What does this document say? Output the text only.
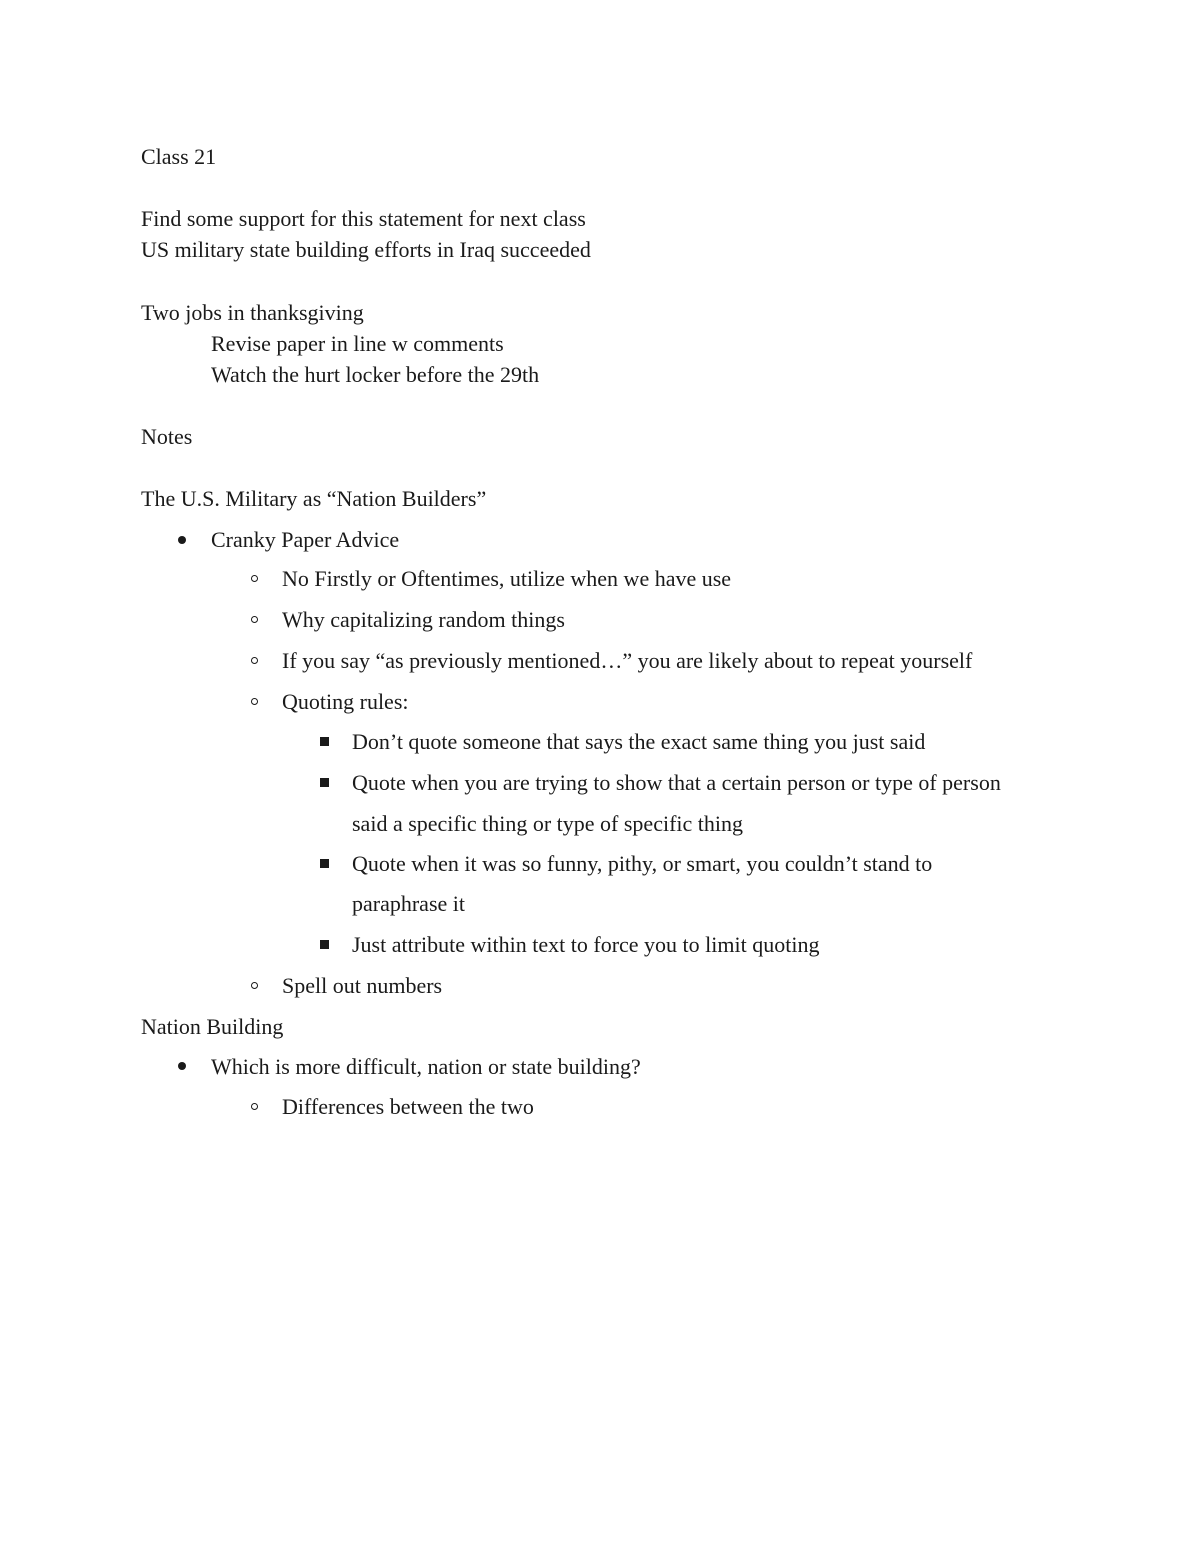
Class 21
Find some support for this statement for next class
US military state building efforts in Iraq succeeded
Two jobs in thanksgiving
Revise paper in line w comments
Watch the hurt locker before the 29th
Notes
The U.S. Military as “Nation Builders”
Cranky Paper Advice
No Firstly or Oftentimes, utilize when we have use
Why capitalizing random things
If you say “as previously mentioned…” you are likely about to repeat yourself
Quoting rules:
Don’t quote someone that says the exact same thing you just said
Quote when you are trying to show that a certain person or type of person
said a specific thing or type of specific thing
Quote when it was so funny, pithy, or smart, you couldn’t stand to
paraphrase it
Just attribute within text to force you to limit quoting
Spell out numbers
Nation Building
Which is more difficult, nation or state building?
Differences between the two
